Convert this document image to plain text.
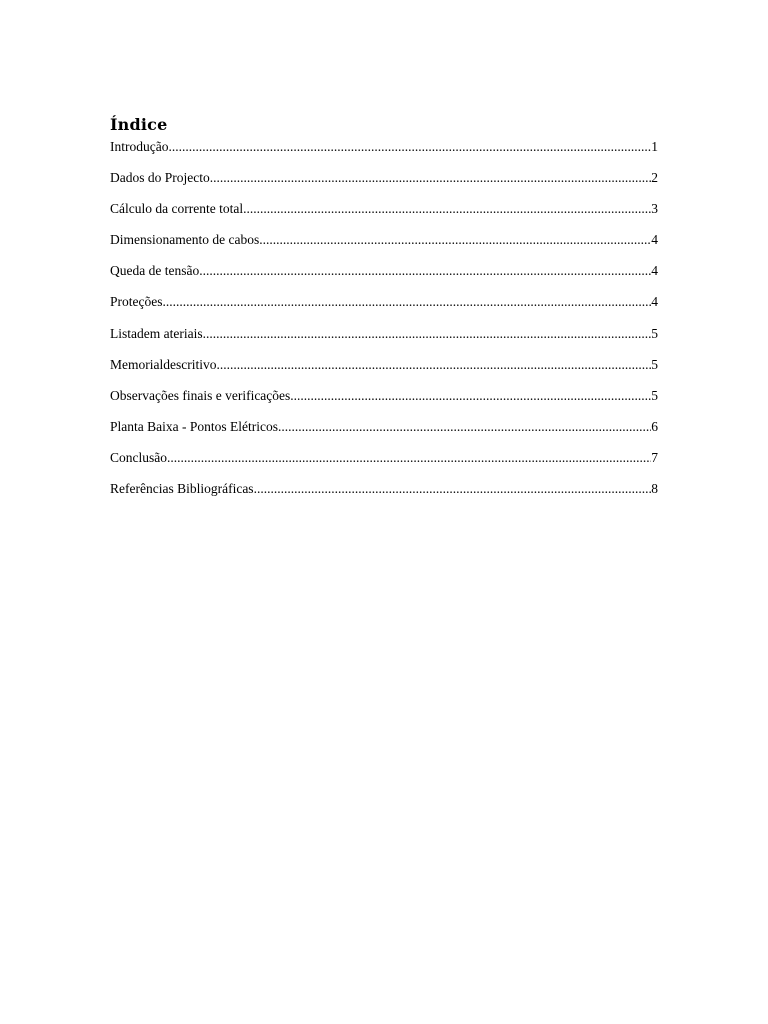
Índice
Introdução .....	1
Dados do Projecto .....	2
Cálculo da corrente total .....	3
Dimensionamento de cabos .....	4
Queda de tensão .....	4
Proteções .....	4
Listadem ateriais .....	5
Memorialdescritivo .....	5
Observações finais e verificações .....	5
Planta Baixa - Pontos Elétricos .....	6
Conclusão .....	7
Referências Bibliográficas .....	8
